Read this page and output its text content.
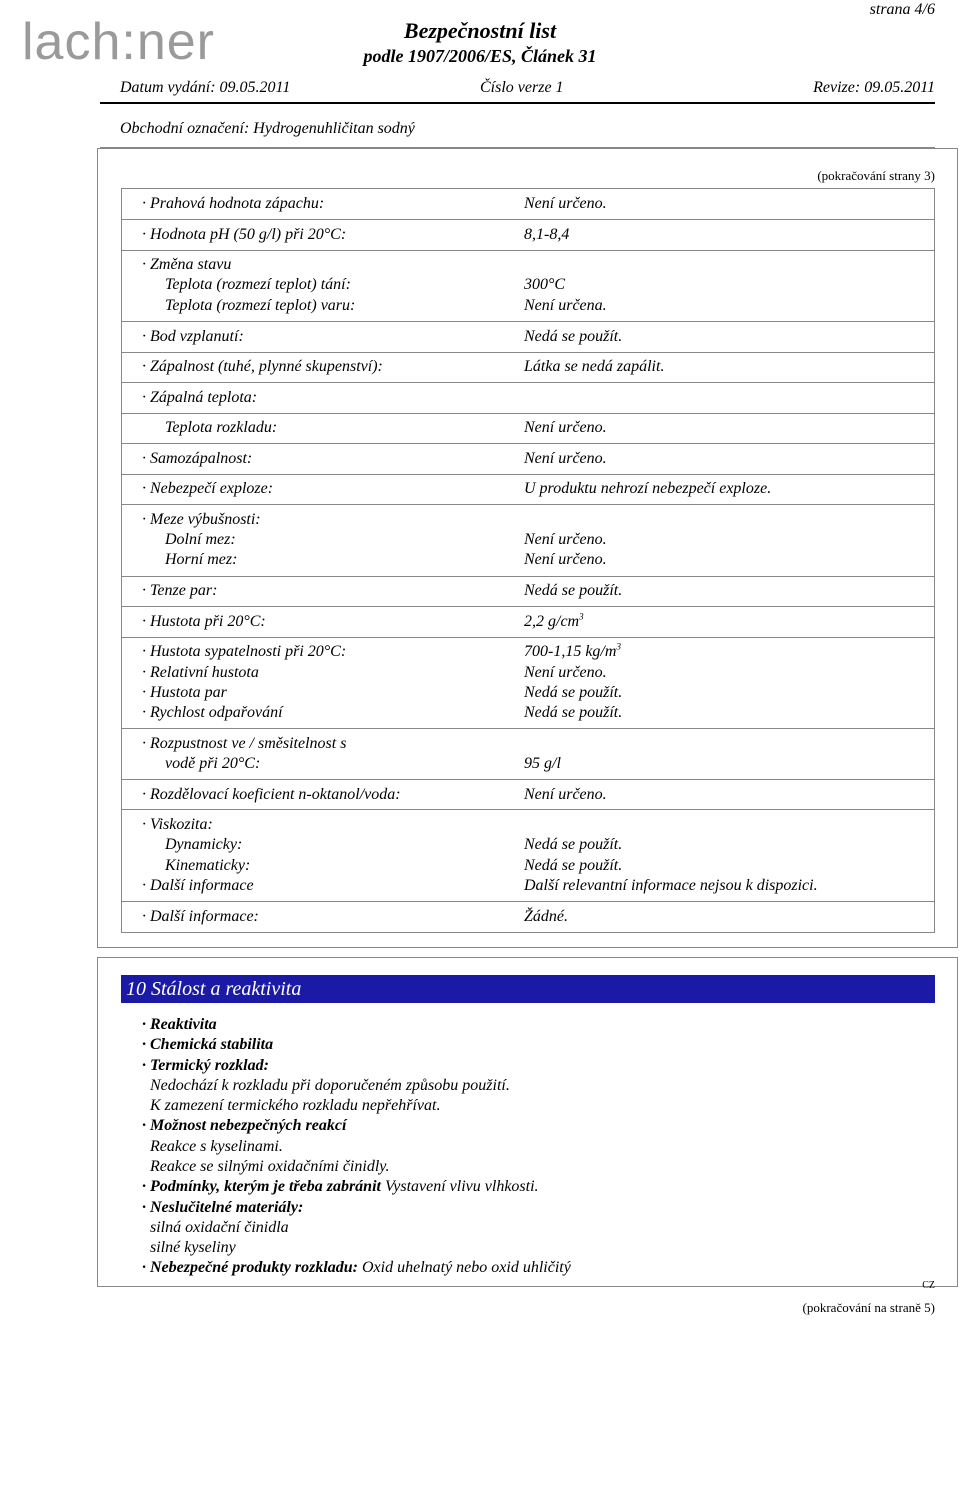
lach:ner	Bezpečnostní list
podle 1907/2006/ES, Článek 31
strana 4/6
Datum vydání: 09.05.2011	Číslo verze 1	Revize: 09.05.2011
Obchodní označení: Hydrogenuhličitan sodný
(pokračování strany 3)
· Prahová hodnota zápachu:	Není určeno.
· Hodnota pH (50 g/l) při 20°C:	8,1-8,4
· Změna stavu
Teplota (rozmezí teplot) tání:	300°C
Teplota (rozmezí teplot) varu:	Není určena.
· Bod vzplanutí:	Nedá se použít.
· Zápalnost (tuhé, plynné skupenství):	Látka se nedá zapálit.
· Zápalná teplota:
Teplota rozkladu:	Není určeno.
· Samozápalnost:	Není určeno.
· Nebezpečí exploze:	U produktu nehrozí nebezpečí exploze.
· Meze výbušnosti:
Dolní mez:	Není určeno.
Horní mez:	Není určeno.
· Tenze par:	Nedá se použít.
· Hustota při 20°C:	2,2 $g/cm^3$
· Hustota sypatelnosti při 20°C:	700-1,15 $kg/m^3$
· Relativní hustota	Není určeno.
· Hustota par	Nedá se použít.
· Rychlost odpařování	Nedá se použít.
· Rozpustnost ve / směsitelnost s
vodě při 20°C:	95 g/l
· Rozdělovací koeficient n-oktanol/voda:	Není určeno.
· Viskozita:
Dynamicky:	Nedá se použít.
Kinematicky:	Nedá se použít.
· Další informace	Další relevantní informace nejsou k dispozici.
· Další informace:	Žádné.
10 Stálost a reaktivita
· Reaktivita
· Chemická stabilita
· Termický rozklad:
Nedochází k rozkladu při doporučeném způsobu použití.
K zamezení termického rozkladu nepřehřívat.
· Možnost nebezpečných reakcí
Reakce s kyselinami.
Reakce se silnými oxidačními činidly.
· Podmínky, kterým je třeba zabránit Vystavení vlivu vlhkosti.
· Neslučitelné materiály:
silná oxidační činidla
silné kyseliny
· Nebezpečné produkty rozkladu: Oxid uhelnatý nebo oxid uhličitý
CZ
(pokračování na straně 5)
